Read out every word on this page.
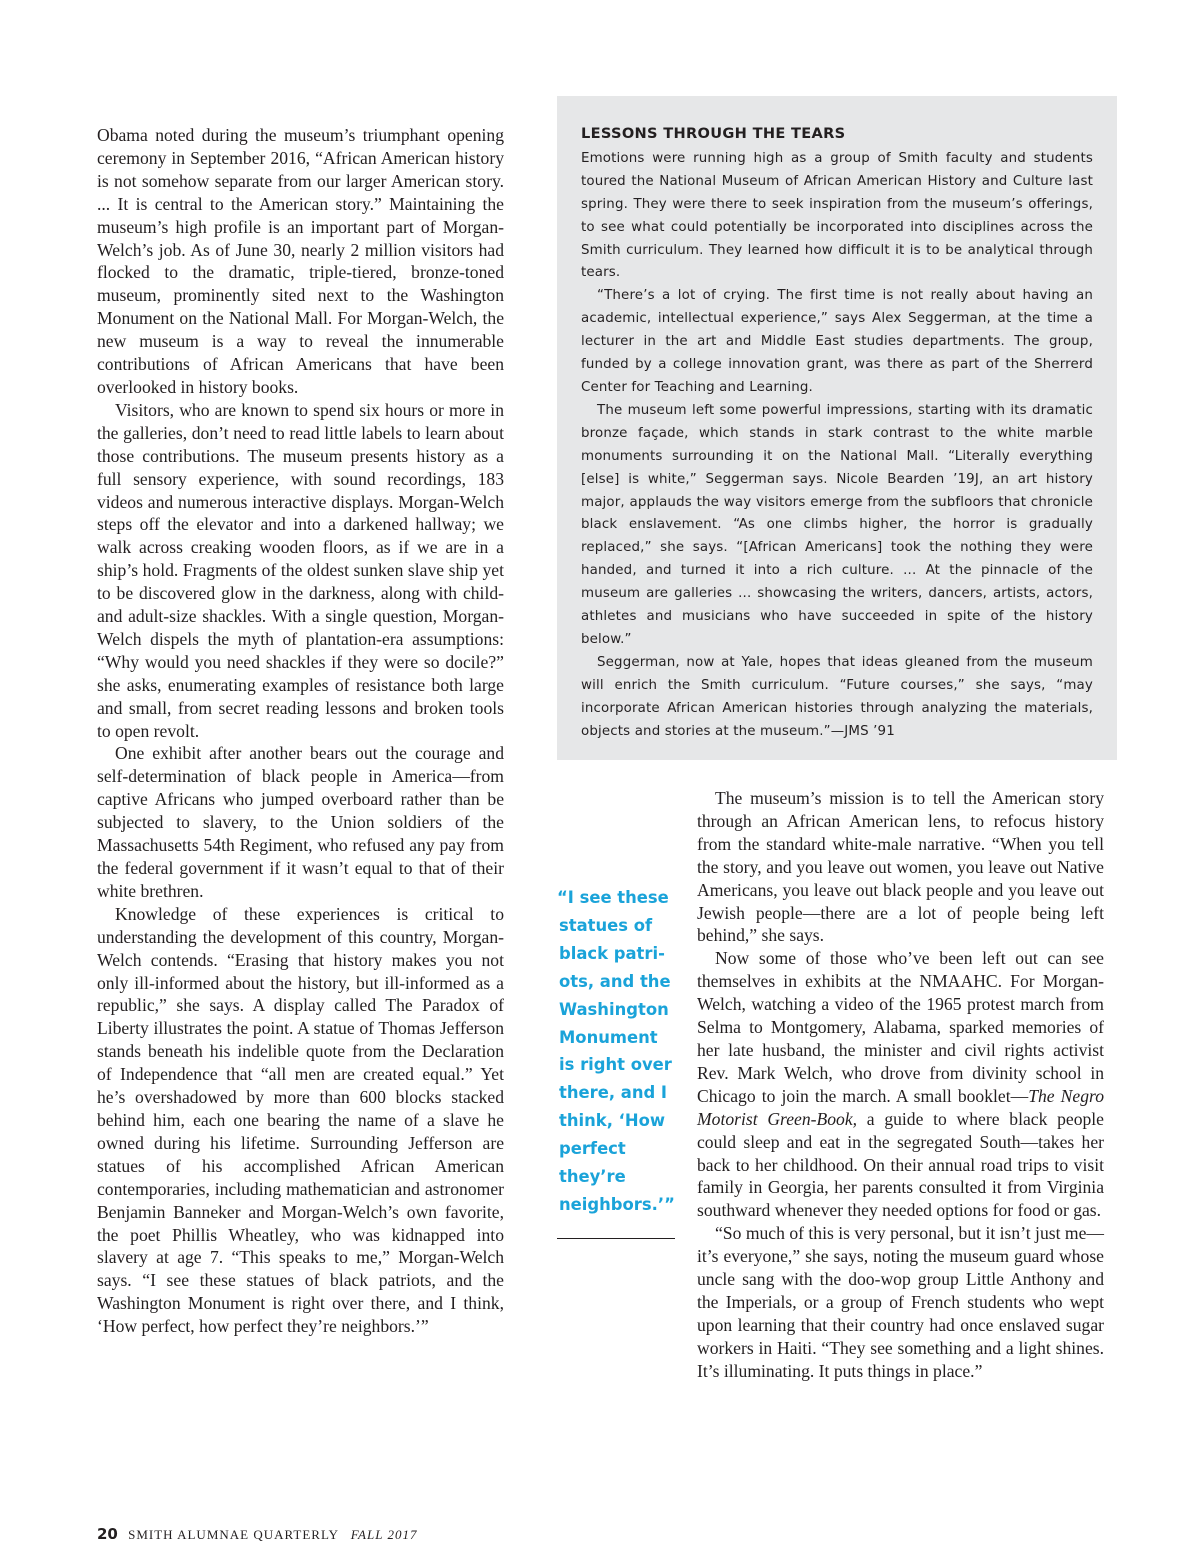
Obama noted during the museum’s triumphant opening ceremony in September 2016, “African American history is not somehow separate from our larger American story. ... It is central to the American story.” Maintaining the museum’s high profile is an important part of Morgan-Welch’s job. As of June 30, nearly 2 million visitors had flocked to the dramatic, triple-tiered, bronze-toned museum, prominently sited next to the Washington Monument on the National Mall. For Morgan-Welch, the new museum is a way to reveal the innumerable contributions of African Americans that have been overlooked in history books.

Visitors, who are known to spend six hours or more in the galleries, don’t need to read little labels to learn about those contributions. The museum presents history as a full sensory experience, with sound recordings, 183 videos and numerous interactive displays. Morgan-Welch steps off the elevator and into a darkened hallway; we walk across creaking wooden floors, as if we are in a ship’s hold. Fragments of the oldest sunken slave ship yet to be discovered glow in the darkness, along with child- and adult-size shackles. With a single question, Morgan-Welch dispels the myth of plantation-era assumptions: “Why would you need shackles if they were so docile?” she asks, enumerating examples of resistance both large and small, from secret reading lessons and broken tools to open revolt.

One exhibit after another bears out the courage and self-determination of black people in America—from captive Africans who jumped overboard rather than be subjected to slavery, to the Union soldiers of the Massachusetts 54th Regiment, who refused any pay from the federal government if it wasn’t equal to that of their white brethren.

Knowledge of these experiences is critical to understanding the development of this country, Morgan-Welch contends. “Erasing that history makes you not only ill-informed about the history, but ill-informed as a republic,” she says. A display called The Paradox of Liberty illustrates the point. A statue of Thomas Jefferson stands beneath his indelible quote from the Declaration of Independence that “all men are created equal.” Yet he’s overshadowed by more than 600 blocks stacked behind him, each one bearing the name of a slave he owned during his lifetime. Surrounding Jefferson are statues of his accomplished African American contemporaries, including mathematician and astronomer Benjamin Banneker and Morgan-Welch’s own favorite, the poet Phillis Wheatley, who was kidnapped into slavery at age 7. “This speaks to me,” Morgan-Welch says. “I see these statues of black patriots, and the Washington Monument is right over there, and I think, ‘How perfect, how perfect they’re neighbors.’”

LESSONS THROUGH THE TEARS

Emotions were running high as a group of Smith faculty and students toured the National Museum of African American History and Culture last spring. They were there to seek inspiration from the museum’s offerings, to see what could potentially be incorporated into disciplines across the Smith curriculum. They learned how difficult it is to be analytical through tears.

“There’s a lot of crying. The first time is not really about having an academic, intellectual experience,” says Alex Seggerman, at the time a lecturer in the art and Middle East studies departments. The group, funded by a college innovation grant, was there as part of the Sherrerd Center for Teaching and Learning.

The museum left some powerful impressions, starting with its dramatic bronze façade, which stands in stark contrast to the white marble monuments surrounding it on the National Mall. “Literally everything [else] is white,” Seggerman says. Nicole Bearden ’19J, an art history major, applauds the way visitors emerge from the subfloors that chronicle black enslavement. “As one climbs higher, the horror is gradually replaced,” she says. “[African Americans] took the nothing they were handed, and turned it into a rich culture. ... At the pinnacle of the museum are galleries ... showcasing the writers, dancers, artists, actors, athletes and musicians who have succeeded in spite of the history below.”

Seggerman, now at Yale, hopes that ideas gleaned from the museum will enrich the Smith curriculum. “Future courses,” she says, “may incorporate African American histories through analyzing the materials, objects and stories at the museum.”—JMS ’91

“I see these
statues of
black patri-
ots, and the
Washington
Monument
is right over
there, and I
think, ‘How
perfect
they’re
neighbors.’”

The museum’s mission is to tell the American story through an African American lens, to refocus history from the standard white-male narrative. “When you tell the story, and you leave out women, you leave out Native Americans, you leave out black people and you leave out Jewish people—there are a lot of people being left behind,” she says.

Now some of those who’ve been left out can see themselves in exhibits at the NMAAHC. For Morgan-Welch, watching a video of the 1965 protest march from Selma to Montgomery, Alabama, sparked memories of her late husband, the minister and civil rights activist Rev. Mark Welch, who drove from divinity school in Chicago to join the march. A small booklet—The Negro Motorist Green-Book, a guide to where black people could sleep and eat in the segregated South—takes her back to her childhood. On their annual road trips to visit family in Georgia, her parents consulted it from Virginia southward whenever they needed options for food or gas.

“So much of this is very personal, but it isn’t just me—it’s everyone,” she says, noting the museum guard whose uncle sang with the doo-wop group Little Anthony and the Imperials, or a group of French students who wept upon learning that their country had once enslaved sugar workers in Haiti. “They see something and a light shines. It’s illuminating. It puts things in place.”

20 SMITH ALUMNAE QUARTERLY FALL 2017
